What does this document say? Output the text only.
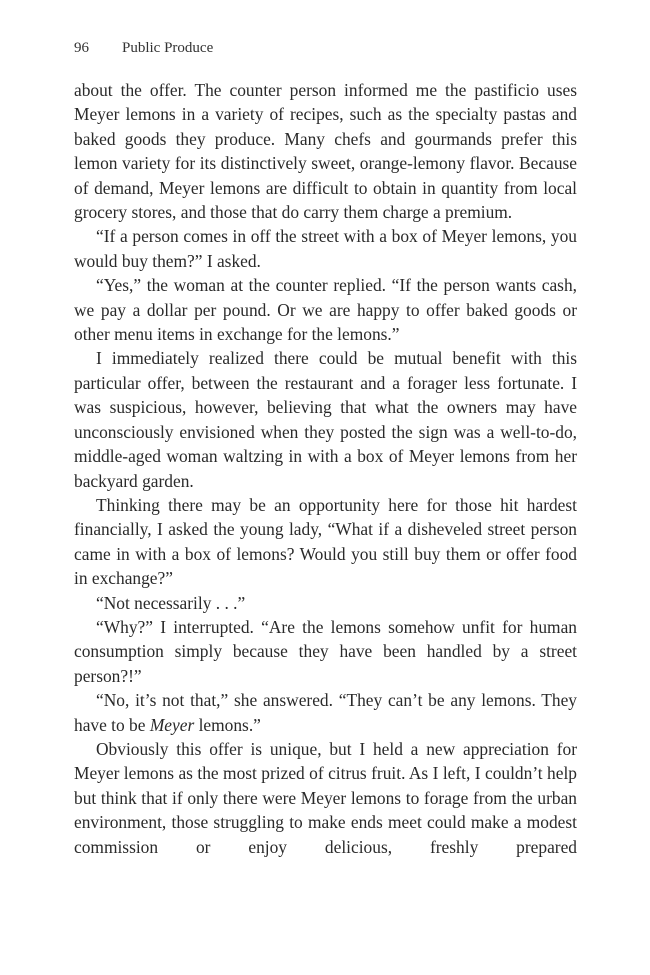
96 Public Produce

about the offer. The counter person informed me the pastificio uses Meyer lemons in a variety of recipes, such as the specialty pastas and baked goods they produce. Many chefs and gourmands prefer this lemon variety for its distinctively sweet, orange-lemony flavor. Because of demand, Meyer lemons are difficult to obtain in quantity from local grocery stores, and those that do carry them charge a premium.

“If a person comes in off the street with a box of Meyer lemons, you would buy them?” I asked.

“Yes,” the woman at the counter replied. “If the person wants cash, we pay a dollar per pound. Or we are happy to offer baked goods or other menu items in exchange for the lemons.”

I immediately realized there could be mutual benefit with this particular offer, between the restaurant and a forager less fortunate. I was suspicious, however, believing that what the owners may have unconsciously envisioned when they posted the sign was a well-to-do, middle-aged woman waltzing in with a box of Meyer lemons from her backyard garden.

Thinking there may be an opportunity here for those hit hardest financially, I asked the young lady, “What if a disheveled street person came in with a box of lemons? Would you still buy them or offer food in exchange?”

“Not necessarily . . .”

“Why?” I interrupted. “Are the lemons somehow unfit for human consumption simply because they have been handled by a street person?!”

“No, it’s not that,” she answered. “They can’t be any lemons. They have to be Meyer lemons.”

Obviously this offer is unique, but I held a new appreciation for Meyer lemons as the most prized of citrus fruit. As I left, I couldn’t help but think that if only there were Meyer lemons to forage from the urban environment, those struggling to make ends meet could make a modest commission or enjoy delicious, freshly prepared
